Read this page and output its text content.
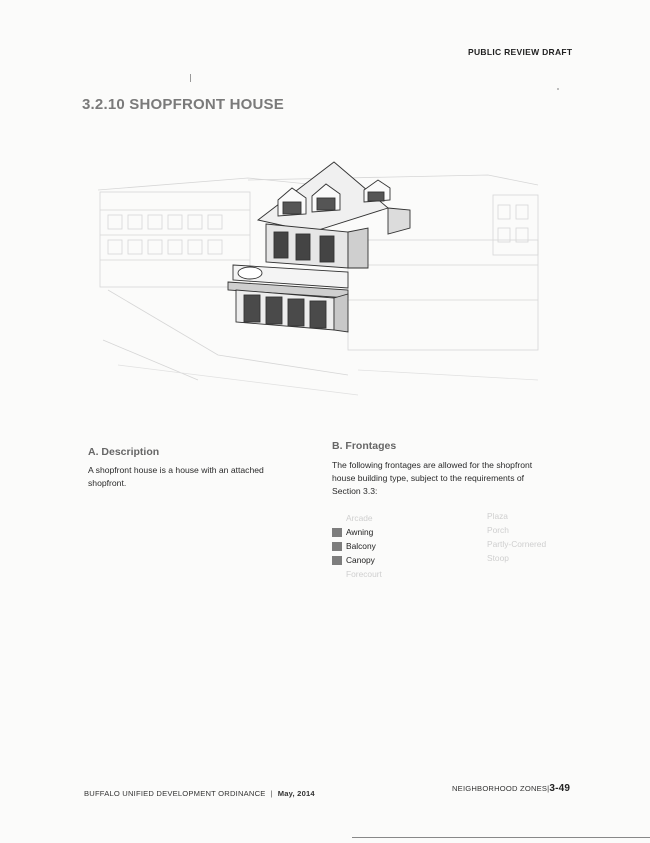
PUBLIC REVIEW DRAFT
3.2.10 SHOPFRONT HOUSE
A. Description
A shopfront house is a house with an attached shopfront.
B. Frontages
The following frontages are allowed for the shopfront house building type, subject to the requirements of Section 3.3:
Arcade
Awning
Balcony
Canopy
Forecourt
Plaza
Porch
Partly-Cornered
Stoop
BUFFALO UNIFIED DEVELOPMENT ORDINANCE | May, 2014
NEIGHBORHOOD ZONES|3-49
